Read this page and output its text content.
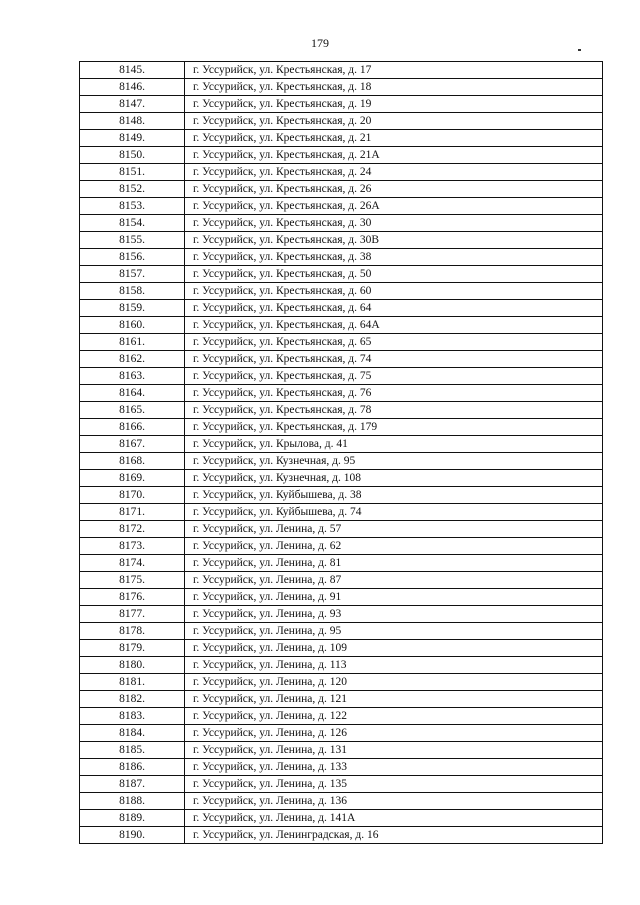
179
8145.	г. Уссурийск, ул. Крестьянская, д. 17
8146.	г. Уссурийск, ул. Крестьянская, д. 18
8147.	г. Уссурийск, ул. Крестьянская, д. 19
8148.	г. Уссурийск, ул. Крестьянская, д. 20
8149.	г. Уссурийск, ул. Крестьянская, д. 21
8150.	г. Уссурийск, ул. Крестьянская, д. 21А
8151.	г. Уссурийск, ул. Крестьянская, д. 24
8152.	г. Уссурийск, ул. Крестьянская, д. 26
8153.	г. Уссурийск, ул. Крестьянская, д. 26А
8154.	г. Уссурийск, ул. Крестьянская, д. 30
8155.	г. Уссурийск, ул. Крестьянская, д. 30В
8156.	г. Уссурийск, ул. Крестьянская, д. 38
8157.	г. Уссурийск, ул. Крестьянская, д. 50
8158.	г. Уссурийск, ул. Крестьянская, д. 60
8159.	г. Уссурийск, ул. Крестьянская, д. 64
8160.	г. Уссурийск, ул. Крестьянская, д. 64А
8161.	г. Уссурийск, ул. Крестьянская, д. 65
8162.	г. Уссурийск, ул. Крестьянская, д. 74
8163.	г. Уссурийск, ул. Крестьянская, д. 75
8164.	г. Уссурийск, ул. Крестьянская, д. 76
8165.	г. Уссурийск, ул. Крестьянская, д. 78
8166.	г. Уссурийск, ул. Крестьянская, д. 179
8167.	г. Уссурийск, ул. Крылова, д. 41
8168.	г. Уссурийск, ул. Кузнечная, д. 95
8169.	г. Уссурийск, ул. Кузнечная, д. 108
8170.	г. Уссурийск, ул. Куйбышева, д. 38
8171.	г. Уссурийск, ул. Куйбышева, д. 74
8172.	г. Уссурийск, ул. Ленина, д. 57
8173.	г. Уссурийск, ул. Ленина, д. 62
8174.	г. Уссурийск, ул. Ленина, д. 81
8175.	г. Уссурийск, ул. Ленина, д. 87
8176.	г. Уссурийск, ул. Ленина, д. 91
8177.	г. Уссурийск, ул. Ленина, д. 93
8178.	г. Уссурийск, ул. Ленина, д. 95
8179.	г. Уссурийск, ул. Ленина, д. 109
8180.	г. Уссурийск, ул. Ленина, д. 113
8181.	г. Уссурийск, ул. Ленина, д. 120
8182.	г. Уссурийск, ул. Ленина, д. 121
8183.	г. Уссурийск, ул. Ленина, д. 122
8184.	г. Уссурийск, ул. Ленина, д. 126
8185.	г. Уссурийск, ул. Ленина, д. 131
8186.	г. Уссурийск, ул. Ленина, д. 133
8187.	г. Уссурийск, ул. Ленина, д. 135
8188.	г. Уссурийск, ул. Ленина, д. 136
8189.	г. Уссурийск, ул. Ленина, д. 141А
8190.	г. Уссурийск, ул. Ленинградская, д. 16
